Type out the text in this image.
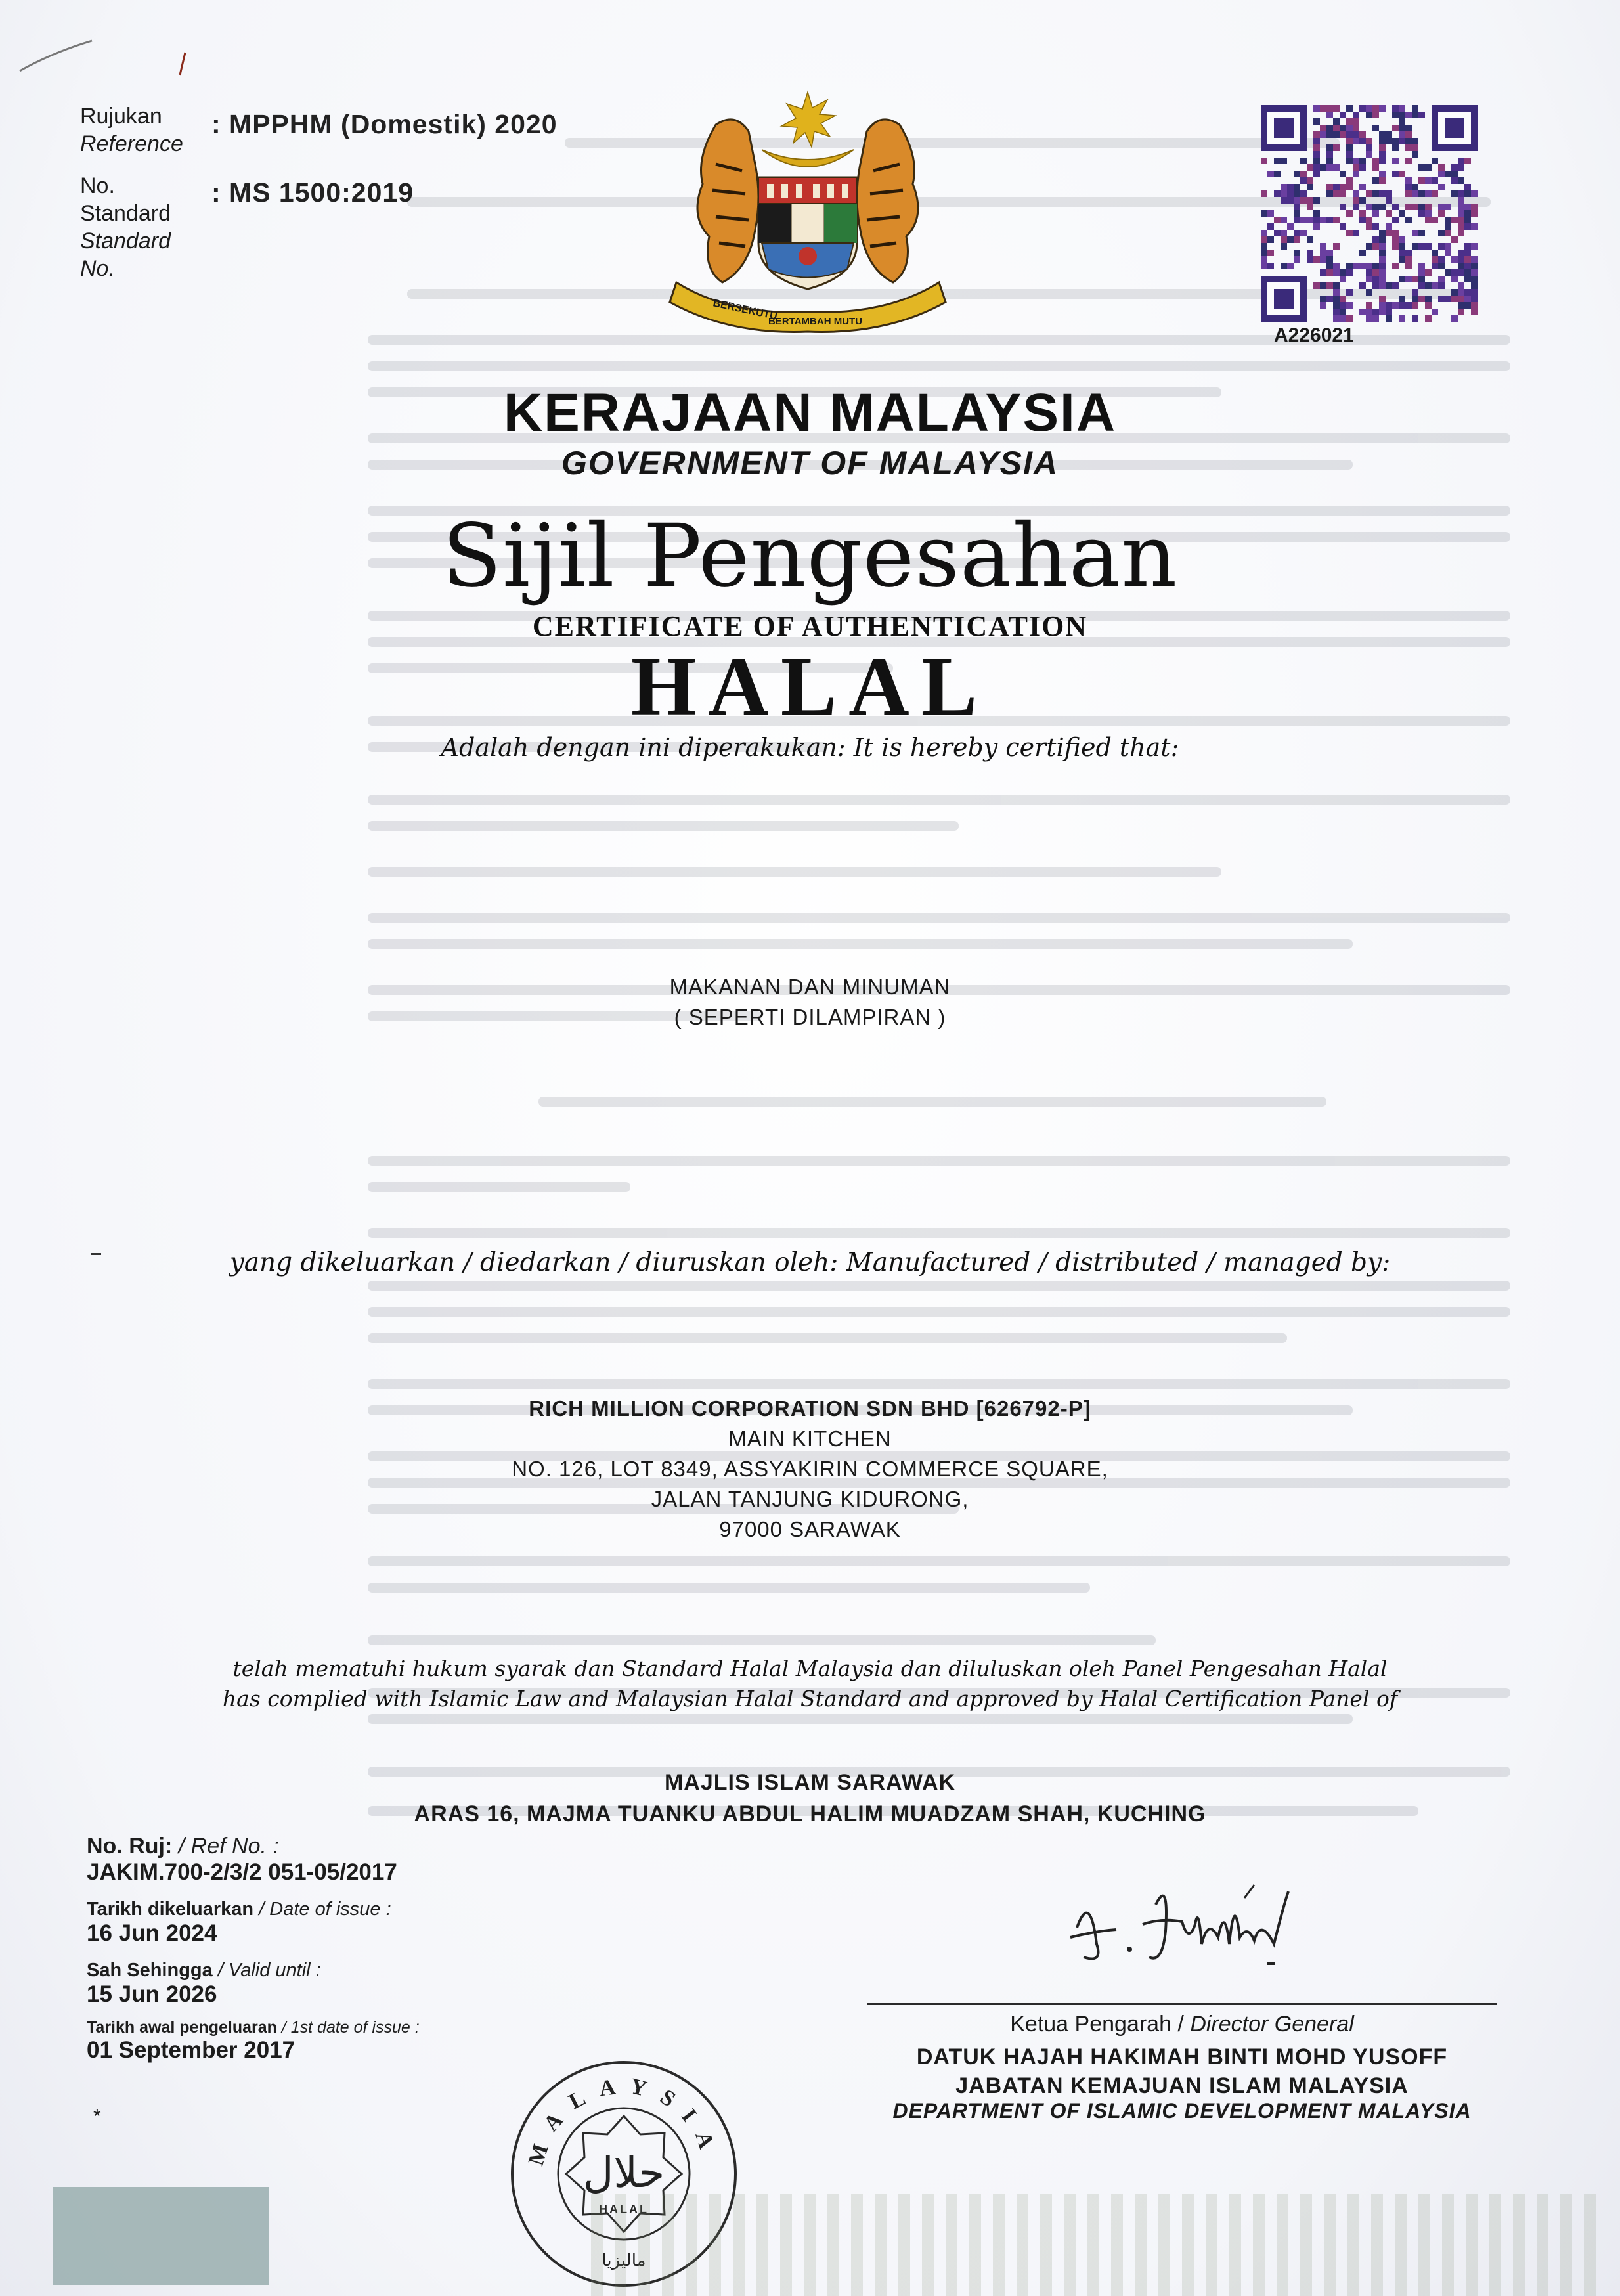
Rujukan
Reference
No.
Standard
Standard
No.
: MPPHM (Domestik) 2020
: MS 1500:2019
BERSEKUTU
BERTAMBAH MUTU
A226021
KERAJAAN MALAYSIA
GOVERNMENT OF MALAYSIA
Sijil Pengesahan
CERTIFICATE OF AUTHENTICATION
HALAL
Adalah dengan ini diperakukan: It is hereby certified that:
MAKANAN DAN MINUMAN
( SEPERTI DILAMPIRAN )
yang dikeluarkan / diedarkan / diuruskan oleh: Manufactured / distributed / managed by:
RICH MILLION CORPORATION SDN BHD [626792-P]
MAIN KITCHEN
NO. 126, LOT 8349, ASSYAKIRIN COMMERCE SQUARE,
JALAN TANJUNG KIDURONG,
97000 SARAWAK
telah mematuhi hukum syarak dan Standard Halal Malaysia dan diluluskan oleh Panel Pengesahan Halal
has complied with Islamic Law and Malaysian Halal Standard and approved by Halal Certification Panel of
MAJLIS ISLAM SARAWAK
ARAS 16, MAJMA TUANKU ABDUL HALIM MUADZAM SHAH, KUCHING
No. Ruj: / Ref No. :
JAKIM.700-2/3/2 051-05/2017
Tarikh dikeluarkan / Date of issue :
16 Jun 2024
Sah Sehingga / Valid until :
15 Jun 2026
Tarikh awal pengeluaran / 1st date of issue :
01 September 2017
*
Ketua Pengarah / Director General
DATUK HAJAH HAKIMAH BINTI MOHD YUSOFF
JABATAN KEMAJUAN ISLAM MALAYSIA
DEPARTMENT OF ISLAMIC DEVELOPMENT MALAYSIA
MALAYSIA
حلال
HALAL
ماليزيا
